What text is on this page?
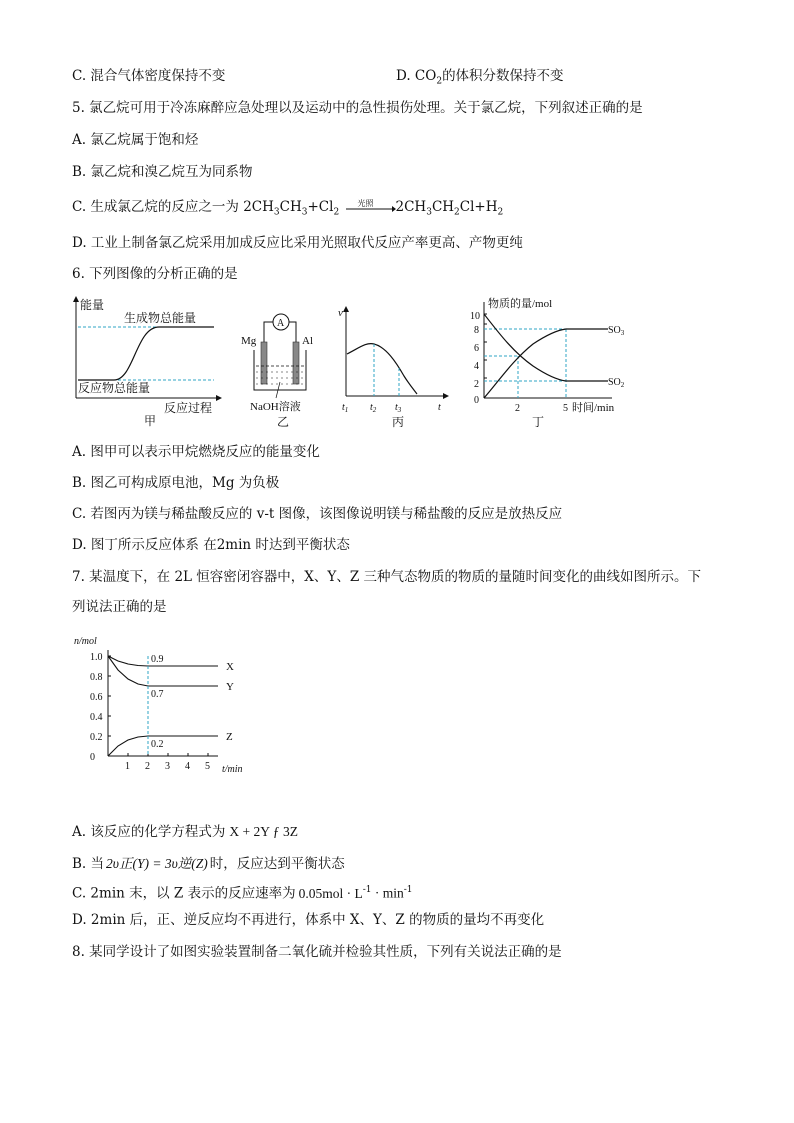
C. 混合气体密度保持不变	D. $CO_2$的体积分数保持不变
5. 氯乙烷可用于冷冻麻醉应急处理以及运动中的急性损伤处理。关于氯乙烷，下列叙述正确的是
A. 氯乙烷属于饱和烃
B. 氯乙烷和溴乙烷互为同系物
C. 生成氯乙烷的反应之一为 $2CH_3CH_3+Cl_2$
光照 $2CH_3CH_2Cl+H_2$
D. 工业上制备氯乙烷采用加成反应比采用光照取代反应产率更高、产物更纯
6. 下列图像的分析正确的是
能量
生成物总能量
反应物总能量
反应过程
甲
A
Mg	Al
NaOH溶液
乙
v
$t_1$ $t_2$ $t_3$	t
丙
物质的量/mol
10
8
6
4
2
0
2	5 时间/min
$SO_3$
$SO_2$
丁
A. 图甲可以表示甲烷燃烧反应的能量变化
B. 图乙可构成原电池，Mg 为负极
C. 若图丙为镁与稀盐酸反应的 v-t 图像，该图像说明镁与稀盐酸的反应是放热反应
D. 图丁所示反应体系 在2min 时达到平衡状态
7. 某温度下，在 2L 恒容密闭容器中，X、Y、Z 三种气态物质的物质的量随时间变化的曲线如图所示。下
列说法正确的是
n/mol
t/min
1.0
0.8
0.6
0.4
0.2
0
1 2 3 4 5
X
Y
Z
0.9
0.7
0.2
A. 该反应的化学方程式为 X + 2Y ƒ 3Z
B. 当 2υ正(Y) = 3υ逆(Z) 时，反应达到平衡状态
C. 2min 末，以 Z 表示的反应速率为 $0.05mol \cdot L^{-1} \cdot \min^{-1}$
D. 2min 后，正、逆反应均不再进行，体系中 X、Y、Z 的物质的量均不再变化
8. 某同学设计了如图实验装置制备二氧化硫并检验其性质，下列有关说法正确的是
